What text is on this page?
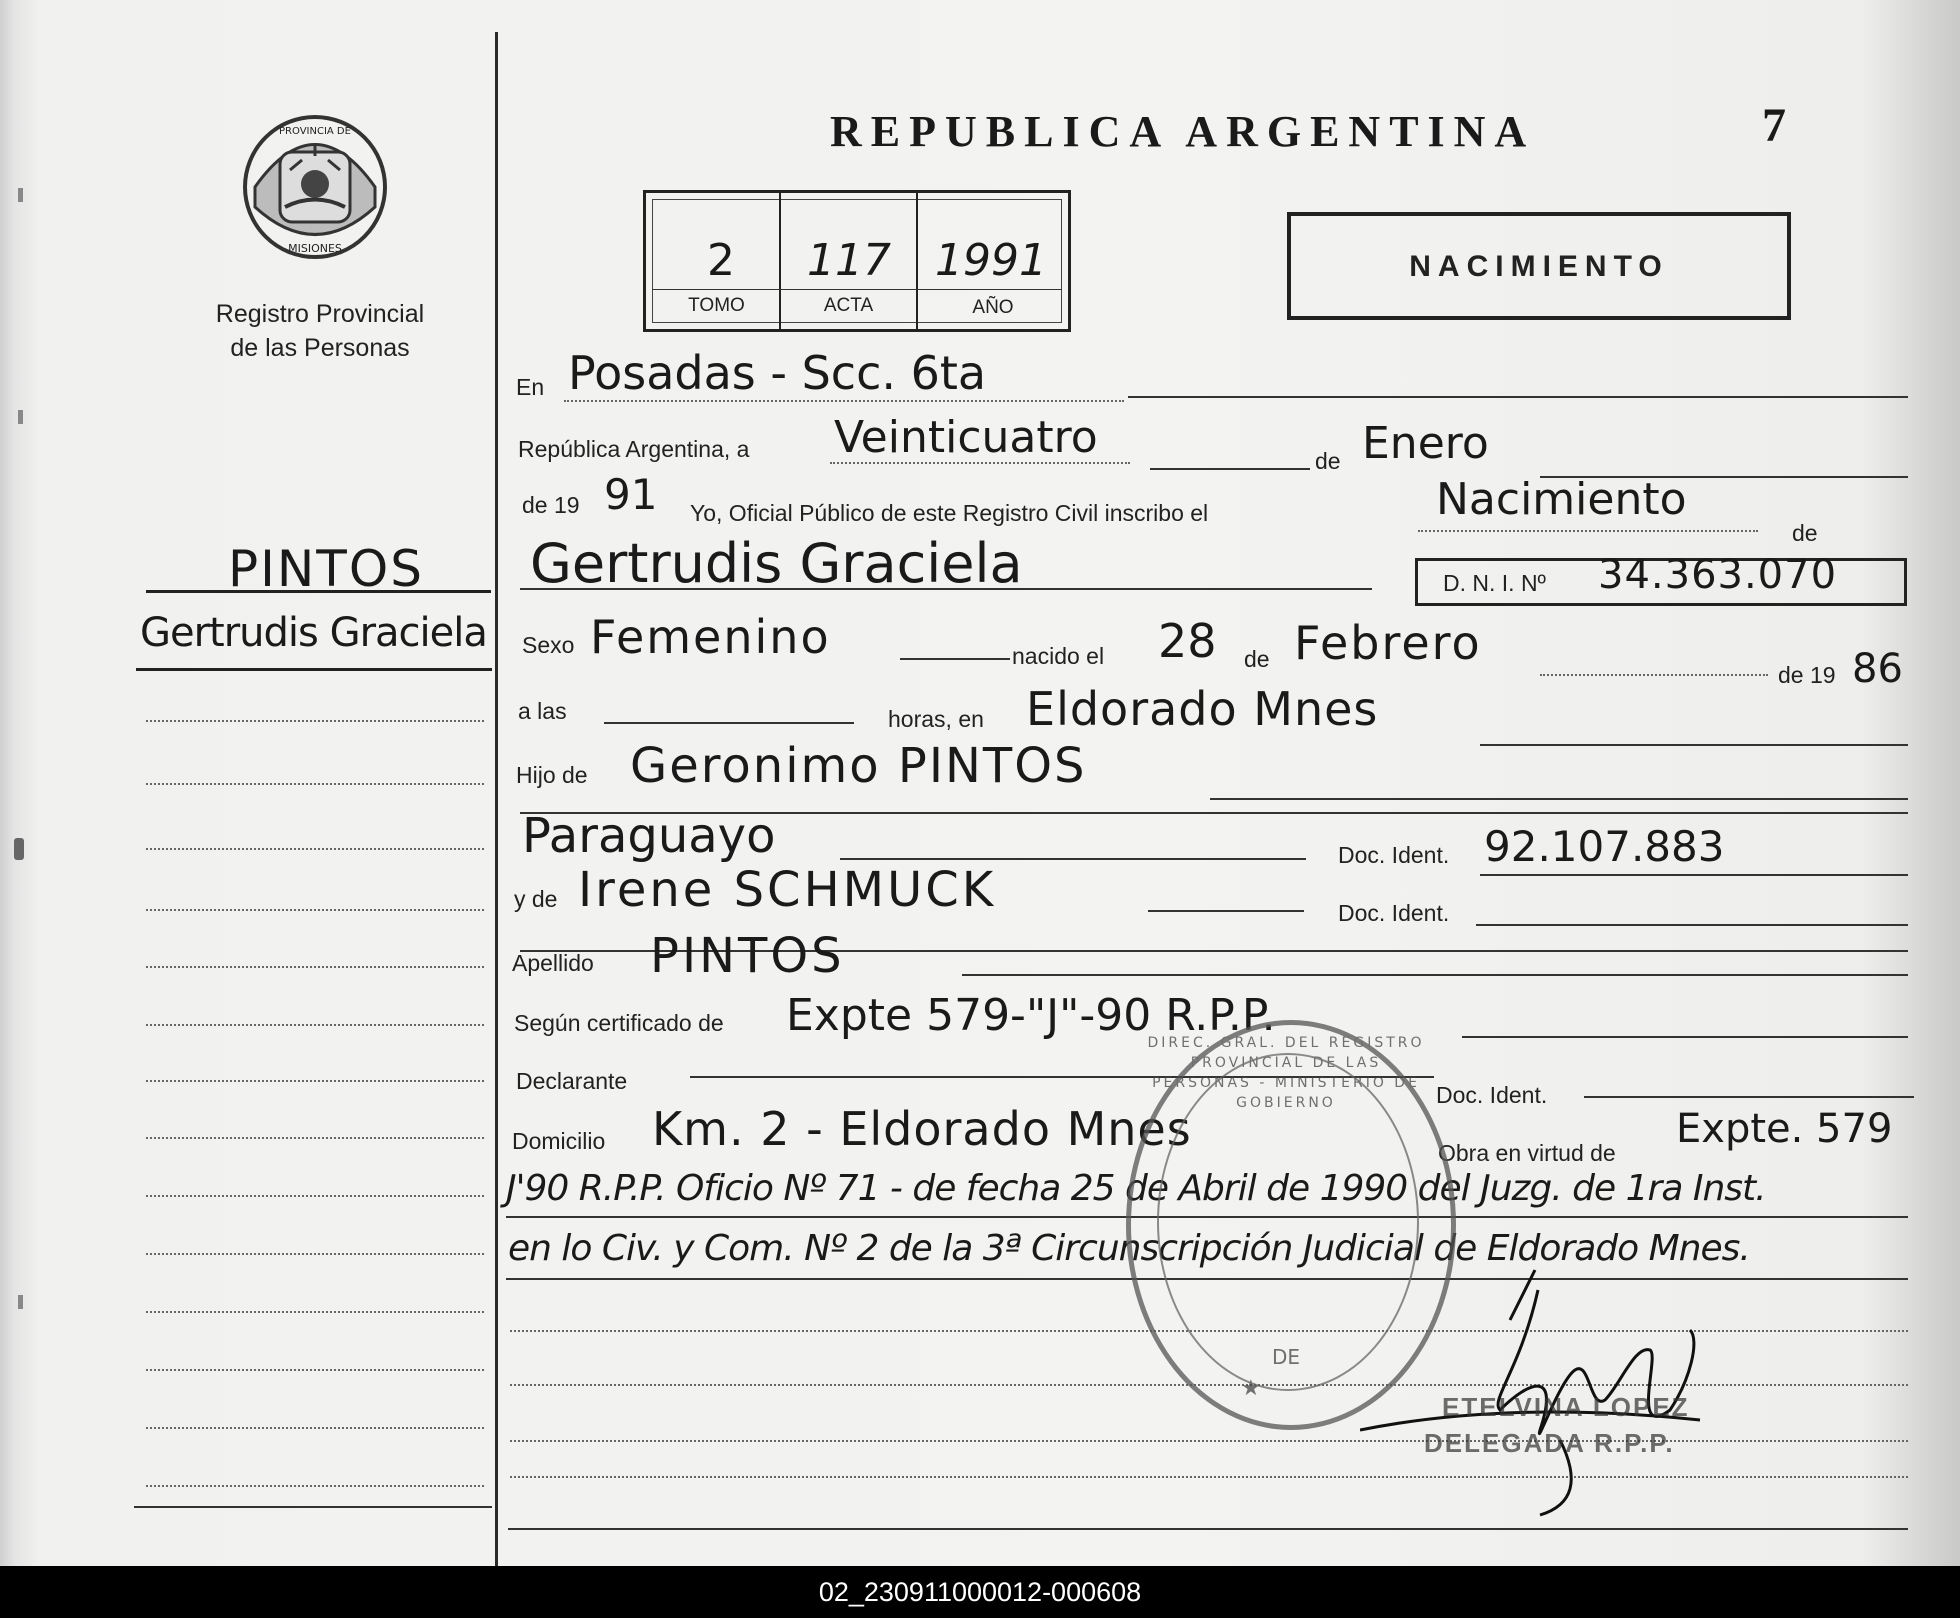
PROVINCIA DE
MISIONES
Registro Provincial
de las Personas
PINTOS
Gertrudis Graciela
REPUBLICA ARGENTINA	7
2
TOMO
117
ACTA
1991
AÑO
NACIMIENTO
En Posadas - Scc. 6ta
República Argentina, a Veinticuatro	de Enero
de 19 91 Yo, Oficial Público de este Registro Civil inscribo el	Nacimiento
de
Gertrudis Graciela	D. N. I. Nº 34.363.070
Sexo Femenino	nacido el 28 de Febrero
de 19 86
a las	horas, en Eldorado Mnes
Hijo de Geronimo PINTOS
Paraguayo	Doc. Ident. 92.107.883
y de Irene SCHMUCK	Doc. Ident.
Apellido PINTOS
Según certificado de Expte 579-"J"-90 R.P.P.
Declarante
Doc. Ident.
Domicilio Km. 2 - Eldorado Mnes	Obra en virtud de
Expte. 579
J'90 R.P.P. Oficio Nº 71 - de fecha 25 de Abril de 1990 del Juzg. de 1ra Inst.
en lo Civ. y Com. Nº 2 de la 3ª Circunscripción Judicial de Eldorado Mnes.
DIREC. GRAL. DEL REGISTRO PROVINCIAL DE LAS PERSONAS - MINISTERIO DE GOBIERNO
DE
★
ETELVINA LOPEZ
DELEGADA R.P.P.
02_230911000012-000608
